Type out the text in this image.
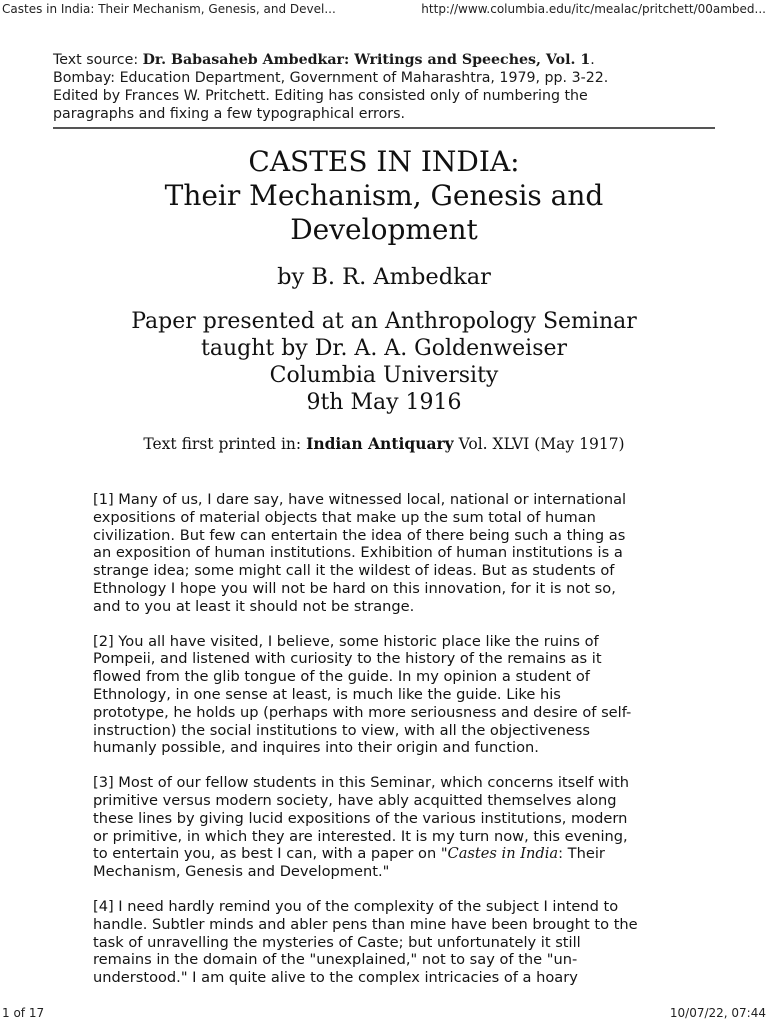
Castes in India: Their Mechanism, Genesis, and Devel...	http://www.columbia.edu/itc/mealac/pritchett/00ambed...
Text source: Dr. Babasaheb Ambedkar: Writings and Speeches, Vol. 1.
Bombay: Education Department, Government of Maharashtra, 1979, pp. 3-22.
Edited by Frances W. Pritchett. Editing has consisted only of numbering the
paragraphs and fixing a few typographical errors.
CASTES IN INDIA:
Their Mechanism, Genesis and
Development
by B. R. Ambedkar
Paper presented at an Anthropology Seminar
taught by Dr. A. A. Goldenweiser
Columbia University
9th May 1916
Text first printed in: Indian Antiquary Vol. XLVI (May 1917)

[1] Many of us, I dare say, have witnessed local, national or international
expositions of material objects that make up the sum total of human
civilization. But few can entertain the idea of there being such a thing as
an exposition of human institutions. Exhibition of human institutions is a
strange idea; some might call it the wildest of ideas. But as students of
Ethnology I hope you will not be hard on this innovation, for it is not so,
and to you at least it should not be strange.

[2] You all have visited, I believe, some historic place like the ruins of
Pompeii, and listened with curiosity to the history of the remains as it
flowed from the glib tongue of the guide. In my opinion a student of
Ethnology, in one sense at least, is much like the guide. Like his
prototype, he holds up (perhaps with more seriousness and desire of self-
instruction) the social institutions to view, with all the objectiveness
humanly possible, and inquires into their origin and function.

[3] Most of our fellow students in this Seminar, which concerns itself with
primitive versus modern society, have ably acquitted themselves along
these lines by giving lucid expositions of the various institutions, modern
or primitive, in which they are interested. It is my turn now, this evening,
to entertain you, as best I can, with a paper on "Castes in India: Their
Mechanism, Genesis and Development."

[4] I need hardly remind you of the complexity of the subject I intend to
handle. Subtler minds and abler pens than mine have been brought to the
task of unravelling the mysteries of Caste; but unfortunately it still
remains in the domain of the "unexplained," not to say of the "un-
understood." I am quite alive to the complex intricacies of a hoary

1 of 17	10/07/22, 07:44
